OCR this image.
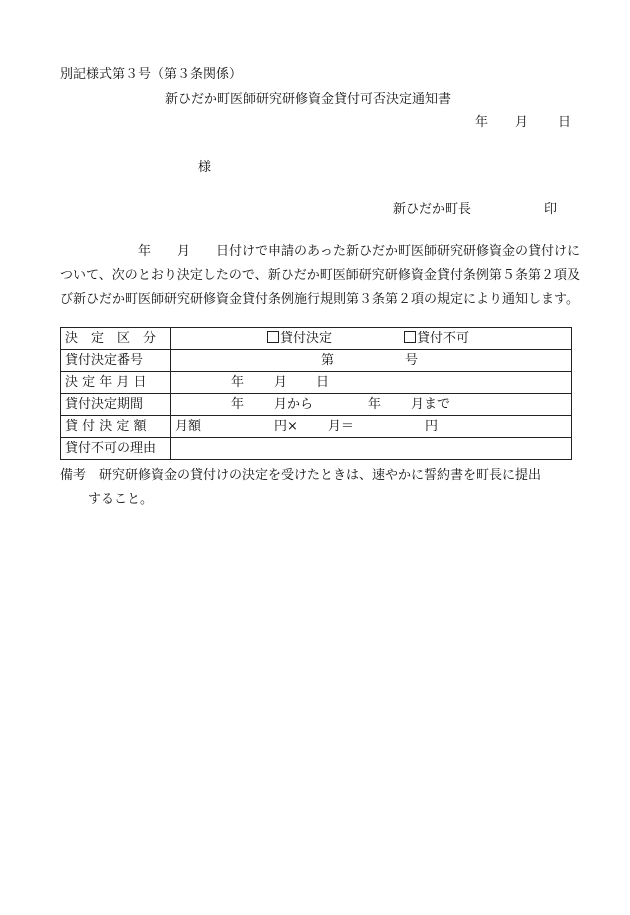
別記様式第３号（第３条関係）
新ひだか町医師研究研修資金貸付可否決定通知書
年 月 日
様
新ひだか町長	印
　　　　　　年　　月　　日付けで申請のあった新ひだか町医師研究研修資金の貸付けについて、次のとおり決定したので、新ひだか町医師研究研修資金貸付条例第５条第２項及び新ひだか町医師研究研修資金貸付条例施行規則第３条第２項の規定により通知します。
決　定　区　分	貸付決定 貸付不可

貸付決定番号	第 号

決 定 年 月 日	年 月 日

貸付決定期間	年 月から 年 月まで

貸 付 決 定 額	月額 円× 月＝ 円

貸付不可の理由	
備考　研究研修資金の貸付けの決定を受けたときは、速やかに誓約書を町長に提出
すること。
